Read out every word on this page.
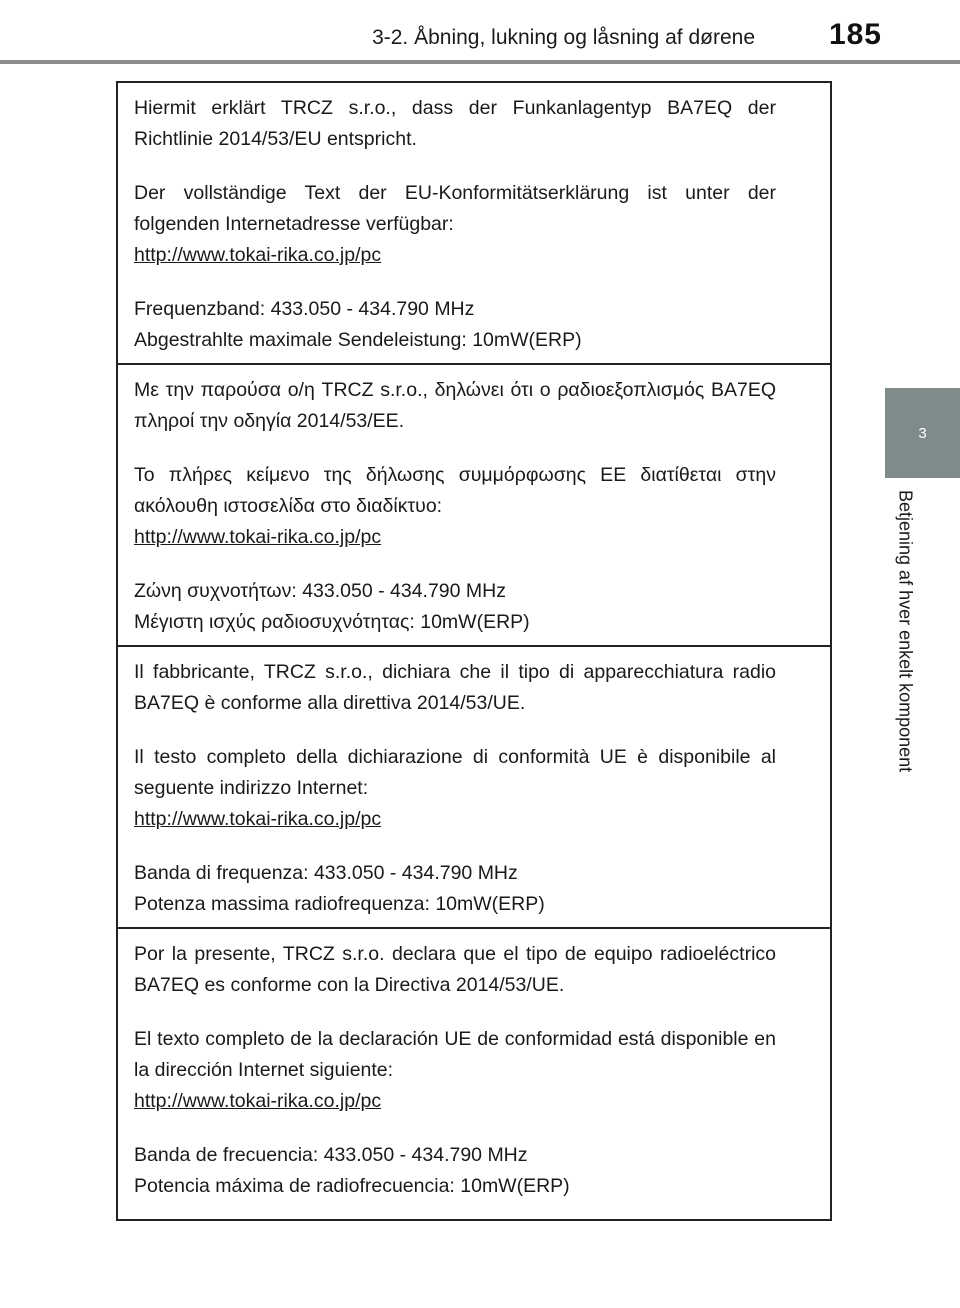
3-2. Åbning, lukning og låsning af dørene 185
3
Betjening af hver enkelt komponent

Hiermit erklärt TRCZ s.r.o., dass der Funkanlagentyp BA7EQ der Richtlinie 2014/53/EU entspricht.

Der vollständige Text der EU-Konformitätserklärung ist unter der folgenden Internetadresse verfügbar:

http://www.tokai-rika.co.jp/pc

Frequenzband: 433.050 - 434.790 MHz

Abgestrahlte maximale Sendeleistung: 10mW(ERP)

Με την παρούσα ο/η TRCZ s.r.o., δηλώνει ότι ο ραδιοεξοπλισμός BA7EQ πληροί την οδηγία 2014/53/ΕΕ.

Το πλήρες κείμενο της δήλωσης συμμόρφωσης ΕΕ διατίθεται στην ακόλουθη ιστοσελίδα στο διαδίκτυο:

http://www.tokai-rika.co.jp/pc

Ζώνη συχνοτήτων: 433.050 - 434.790 MHz

Μέγιστη ισχύς ραδιοσυχνότητας: 10mW(ERP)

Il fabbricante, TRCZ s.r.o., dichiara che il tipo di apparecchiatura radio BA7EQ è conforme alla direttiva 2014/53/UE.

Il testo completo della dichiarazione di conformità UE è disponibile al seguente indirizzo Internet:

http://www.tokai-rika.co.jp/pc

Banda di frequenza: 433.050 - 434.790 MHz

Potenza massima radiofrequenza: 10mW(ERP)

Por la presente, TRCZ s.r.o. declara que el tipo de equipo radioeléctrico BA7EQ es conforme con la Directiva 2014/53/UE.

El texto completo de la declaración UE de conformidad está disponible en la dirección Internet siguiente:

http://www.tokai-rika.co.jp/pc

Banda de frecuencia: 433.050 - 434.790 MHz

Potencia máxima de radiofrecuencia: 10mW(ERP)
